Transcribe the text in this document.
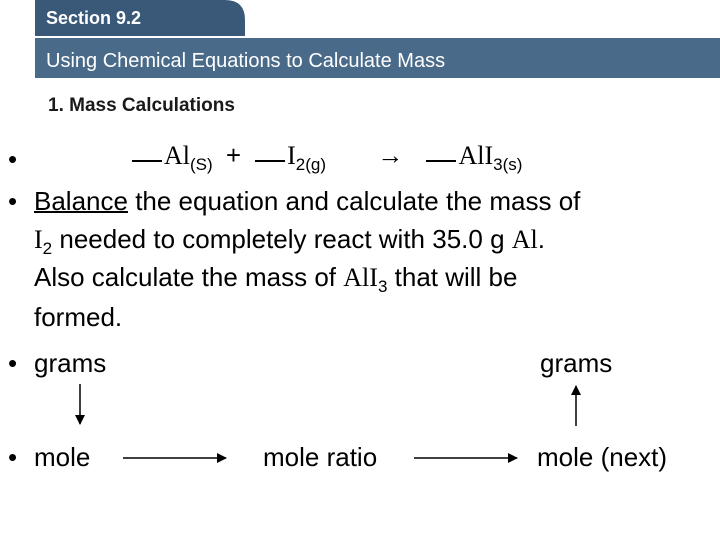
Section 9.2
Using Chemical Equations to Calculate Mass
1. Mass Calculations
•	$Al_{(S)} + I_{2(g)} \to AlI_{3(s)}$
• Balance the equation and calculate the mass of
$I_2$ needed to completely react with 35.0 g Al.
Also calculate the mass of AlI$_3$ that will be
formed.
• grams	grams
• mole	mole ratio	mole (next)
